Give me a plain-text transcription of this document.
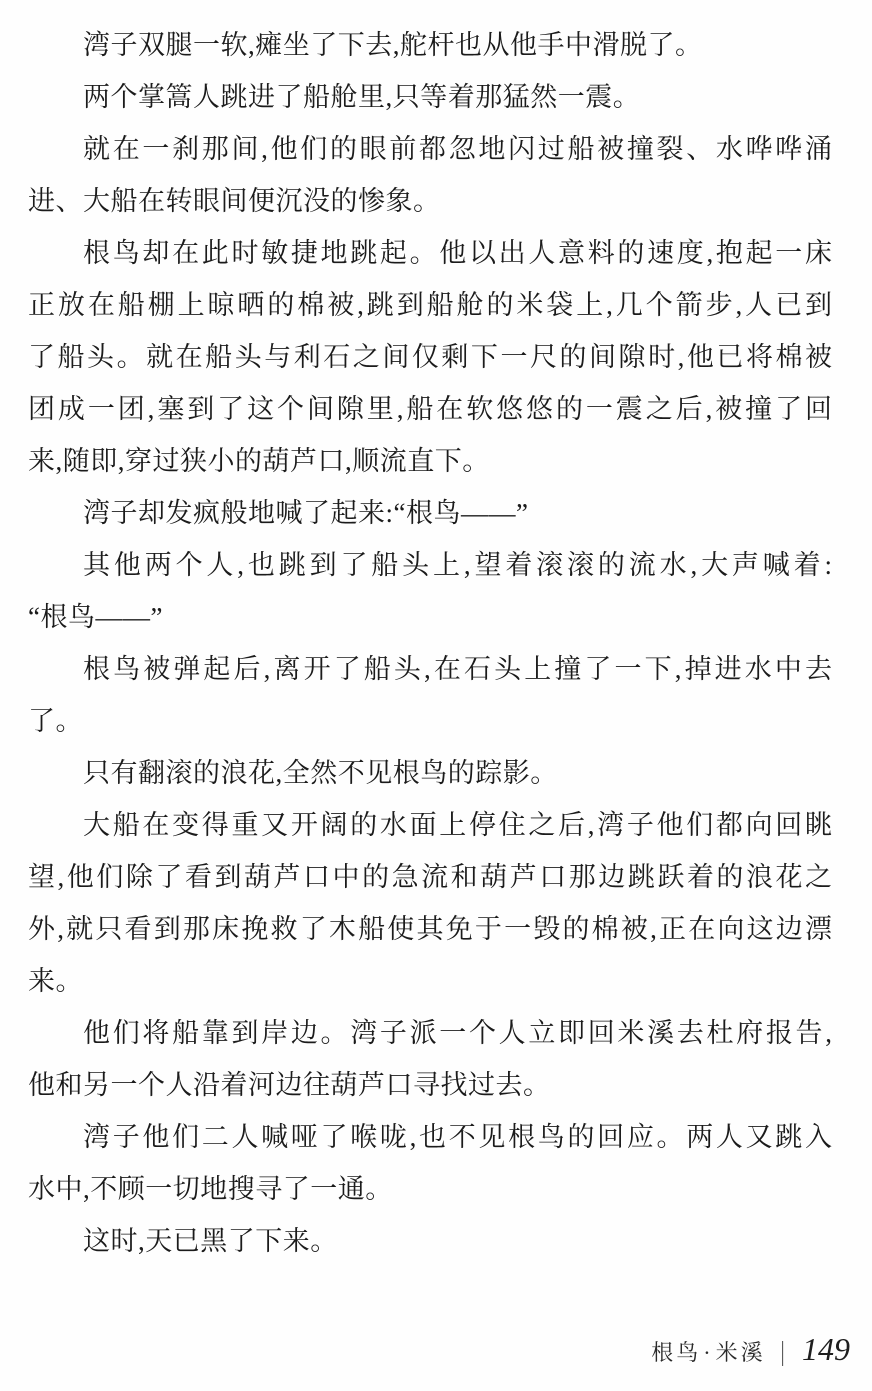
湾子双腿一软,瘫坐了下去,舵杆也从他手中滑脱了。

两个掌篙人跳进了船舱里,只等着那猛然一震。

就在一刹那间,他们的眼前都忽地闪过船被撞裂、水哗哗涌
进、大船在转眼间便沉没的惨象。

根鸟却在此时敏捷地跳起。他以出人意料的速度,抱起一床
正放在船棚上晾晒的棉被,跳到船舱的米袋上,几个箭步,人已到
了船头。就在船头与利石之间仅剩下一尺的间隙时,他已将棉被
团成一团,塞到了这个间隙里,船在软悠悠的一震之后,被撞了回
来,随即,穿过狭小的葫芦口,顺流直下。

湾子却发疯般地喊了起来:“根鸟——”

其他两个人,也跳到了船头上,望着滚滚的流水,大声喊着:
“根鸟——”

根鸟被弹起后,离开了船头,在石头上撞了一下,掉进水中去
了。

只有翻滚的浪花,全然不见根鸟的踪影。

大船在变得重又开阔的水面上停住之后,湾子他们都向回眺
望,他们除了看到葫芦口中的急流和葫芦口那边跳跃着的浪花之
外,就只看到那床挽救了木船使其免于一毁的棉被,正在向这边漂
来。

他们将船靠到岸边。湾子派一个人立即回米溪去杜府报告,
他和另一个人沿着河边往葫芦口寻找过去。

湾子他们二人喊哑了喉咙,也不见根鸟的回应。两人又跳入
水中,不顾一切地搜寻了一通。

这时,天已黑了下来。

根鸟·米溪 | 149
